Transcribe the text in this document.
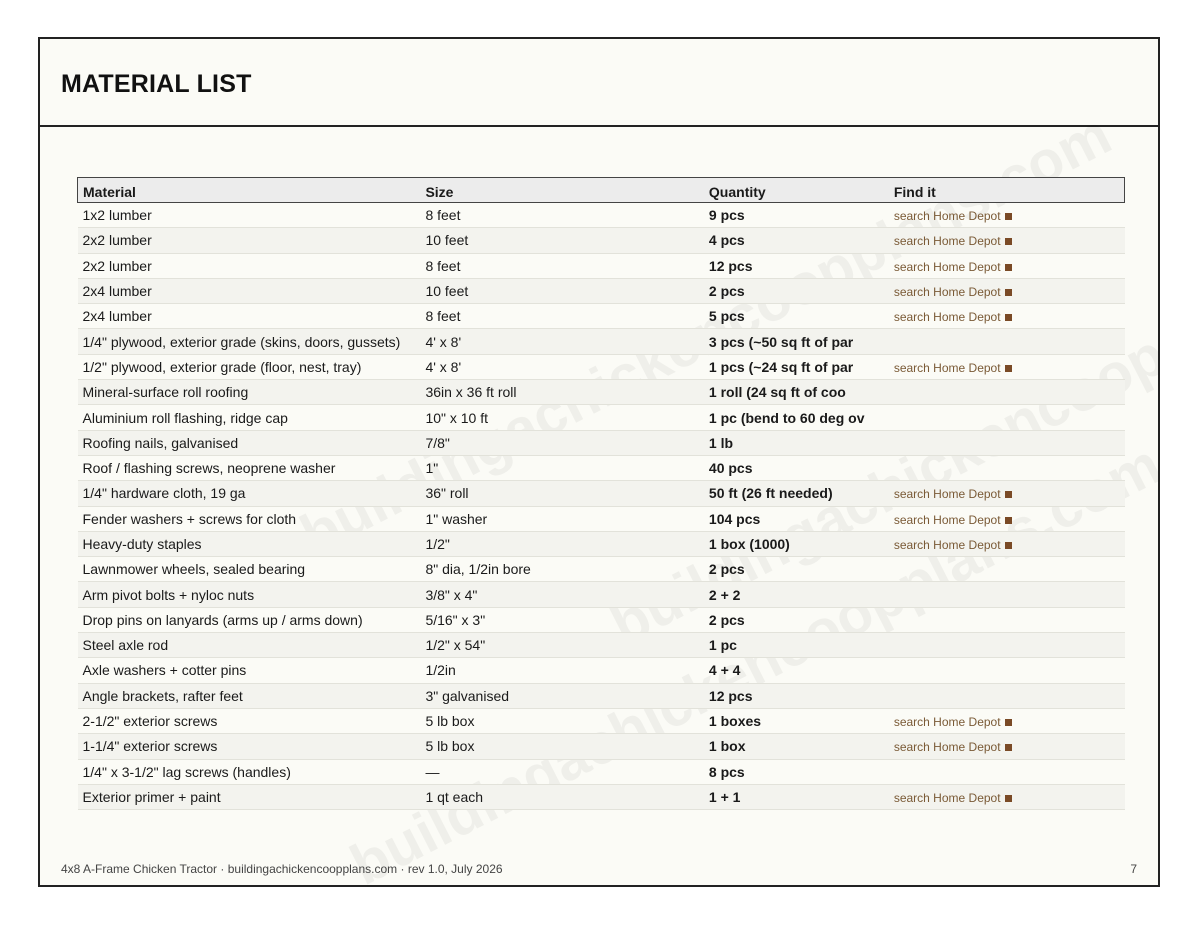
MATERIAL LIST
Material	Size	Quantity	Find it
1x2 lumber	8 feet	9 pcs	search Home Depot
2x2 lumber	10 feet	4 pcs	search Home Depot
2x2 lumber	8 feet	12 pcs	search Home Depot
2x4 lumber	10 feet	2 pcs	search Home Depot
2x4 lumber	8 feet	5 pcs	search Home Depot
1/4" plywood, exterior grade (skins, doors, gussets)	4' x 8'	3 pcs (~50 sq ft of par	
1/2" plywood, exterior grade (floor, nest, tray)	4' x 8'	1 pcs (~24 sq ft of par	search Home Depot
Mineral-surface roll roofing	36in x 36 ft roll	1 roll (24 sq ft of coo	
Aluminium roll flashing, ridge cap	10" x 10 ft	1 pc (bend to 60 deg ov	
Roofing nails, galvanised	7/8"	1 lb	
Roof / flashing screws, neoprene washer	1"	40 pcs	
1/4" hardware cloth, 19 ga	36" roll	50 ft (26 ft needed)	search Home Depot
Fender washers + screws for cloth	1" washer	104 pcs	search Home Depot
Heavy-duty staples	1/2"	1 box (1000)	search Home Depot
Lawnmower wheels, sealed bearing	8" dia, 1/2in bore	2 pcs	
Arm pivot bolts + nyloc nuts	3/8" x 4"	2 + 2	
Drop pins on lanyards (arms up / arms down)	5/16" x 3"	2 pcs	
Steel axle rod	1/2" x 54"	1 pc	
Axle washers + cotter pins	1/2in	4 + 4	
Angle brackets, rafter feet	3" galvanised	12 pcs	
2-1/2" exterior screws	5 lb box	1 boxes	search Home Depot
1-1/4" exterior screws	5 lb box	1 box	search Home Depot
1/4" x 3-1/2" lag screws (handles)	—	8 pcs	
Exterior primer + paint	1 qt each	1 + 1	search Home Depot
4x8 A-Frame Chicken Tractor · buildingachickencoopplans.com · rev 1.0, July 2026	7
